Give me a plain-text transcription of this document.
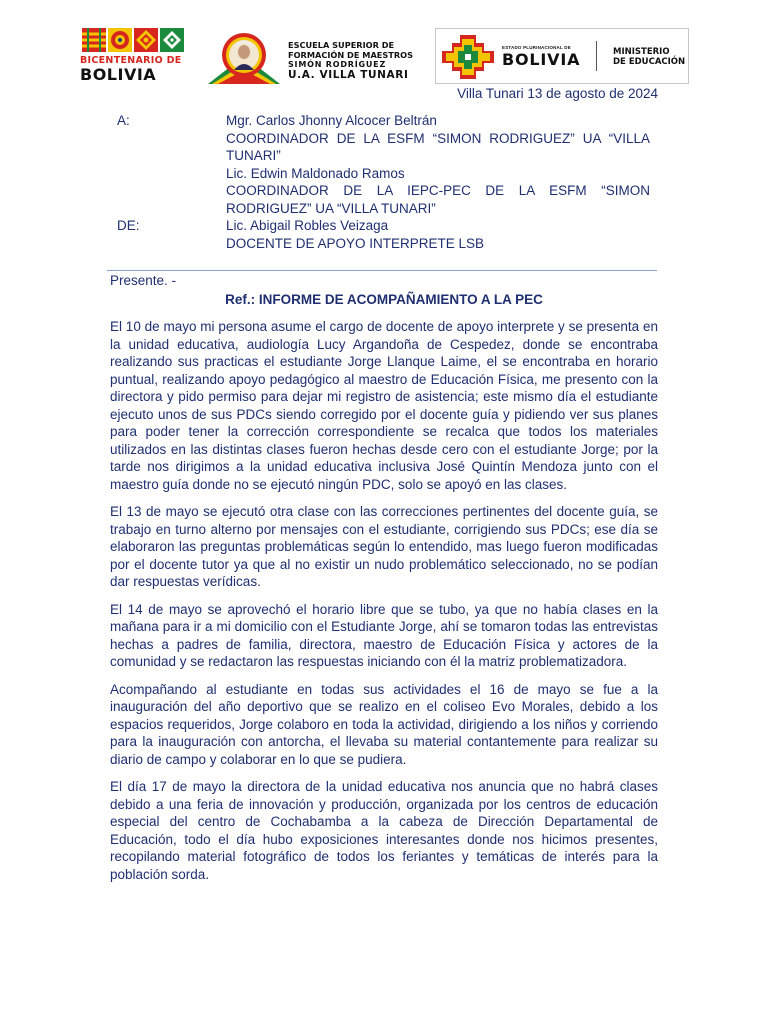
BICENTENARIO DE
BOLIVIA
ESCUELA SUPERIOR DE
FORMACIÓN DE MAESTROS
SIMÓN RODRÍGUEZ
U.A. VILLA TUNARI
ESTADO PLURINACIONAL DE
BOLIVIA	MINISTERIO
DE EDUCACIÓN
Villa Tunari 13 de agosto de 2024
A:	Mgr. Carlos Jhonny Alcocer Beltrán
COORDINADOR DE LA ESFM “SIMON RODRIGUEZ” UA “VILLA TUNARI”
Lic. Edwin Maldonado Ramos
COORDINADOR DE LA IEPC-PEC DE LA ESFM “SIMON RODRIGUEZ” UA “VILLA TUNARI”
DE:	Lic. Abigail Robles Veizaga
DOCENTE DE APOYO INTERPRETE LSB
Presente. -
Ref.: INFORME DE ACOMPAÑAMIENTO A LA PEC

El 10 de mayo mi persona asume el cargo de docente de apoyo interprete y se presenta en la unidad educativa, audiología Lucy Argandoña de Cespedez, donde se encontraba realizando sus practicas el estudiante Jorge Llanque Laime, el se encontraba en horario puntual, realizando apoyo pedagógico al maestro de Educación Física, me presento con la directora y pido permiso para dejar mi registro de asistencia; este mismo día el estudiante ejecuto unos de sus PDCs siendo corregido por el docente guía y pidiendo ver sus planes para poder tener la corrección correspondiente se recalca que todos los materiales utilizados en las distintas clases fueron hechas desde cero con el estudiante Jorge; por la tarde nos dirigimos a la unidad educativa inclusiva José Quintín Mendoza junto con el maestro guía donde no se ejecutó ningún PDC, solo se apoyó en las clases.

El 13 de mayo se ejecutó otra clase con las correcciones pertinentes del docente guía, se trabajo en turno alterno por mensajes con el estudiante, corrigiendo sus PDCs; ese día se elaboraron las preguntas problemáticas según lo entendido, mas luego fueron modificadas por el docente tutor ya que al no existir un nudo problemático seleccionado, no se podían dar respuestas verídicas.

El 14 de mayo se aprovechó el horario libre que se tubo, ya que no había clases en la mañana para ir a mi domicilio con el Estudiante Jorge, ahí se tomaron todas las entrevistas hechas a padres de familia, directora, maestro de Educación Física y actores de la comunidad y se redactaron las respuestas iniciando con él la matriz problematizadora.

Acompañando al estudiante en todas sus actividades el 16 de mayo se fue a la inauguración del año deportivo que se realizo en el coliseo Evo Morales, debido a los espacios requeridos, Jorge colaboro en toda la actividad, dirigiendo a los niños y corriendo para la inauguración con antorcha, el llevaba su material contantemente para realizar su diario de campo y colaborar en lo que se pudiera.

El día 17 de mayo la directora de la unidad educativa nos anuncia que no habrá clases debido a una feria de innovación y producción, organizada por los centros de educación especial del centro de Cochabamba a la cabeza de Dirección Departamental de Educación, todo el día hubo exposiciones interesantes donde nos hicimos presentes, recopilando material fotográfico de todos los feriantes y temáticas de interés para la población sorda.
